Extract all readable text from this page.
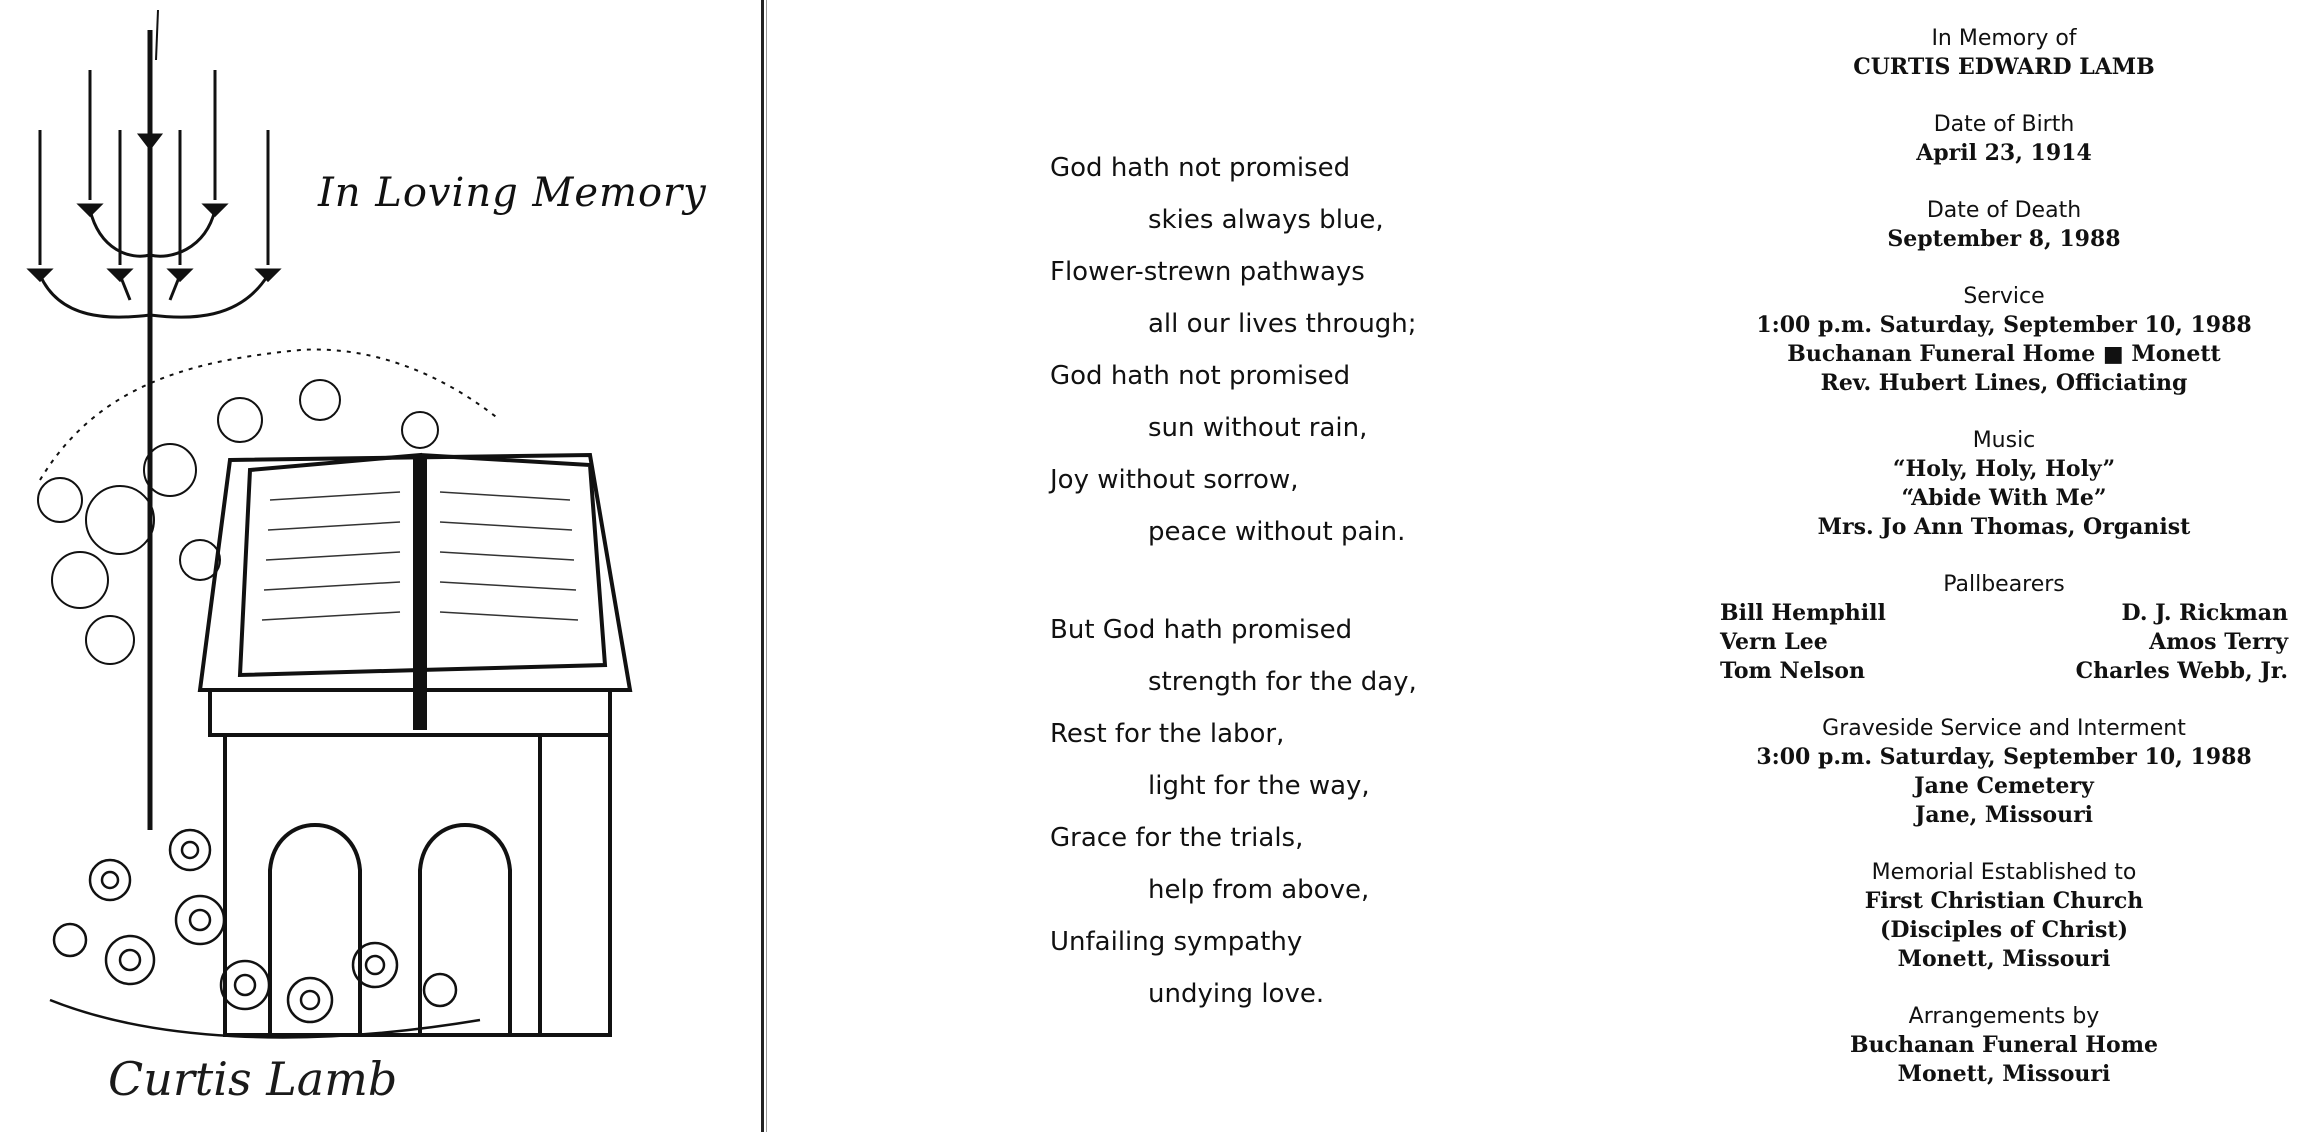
In Loving Memory
Curtis Lamb
God hath not promised
skies always blue,
Flower-strewn pathways
all our lives through;
God hath not promised
sun without rain,
Joy without sorrow,
peace without pain.
But God hath promised
strength for the day,
Rest for the labor,
light for the way,
Grace for the trials,
help from above,
Unfailing sympathy
undying love.
In Memory of
CURTIS EDWARD LAMB
Date of Birth
April 23, 1914
Date of Death
September 8, 1988
Service
1:00 p.m. Saturday, September 10, 1988
Buchanan Funeral Home ■ Monett
Rev. Hubert Lines, Officiating
Music
“Holy, Holy, Holy”
“Abide With Me”
Mrs. Jo Ann Thomas, Organist
Pallbearers
Bill Hemphill	D. J. Rickman
Vern Lee	Amos Terry
Tom Nelson	Charles Webb, Jr.
Graveside Service and Interment
3:00 p.m. Saturday, September 10, 1988
Jane Cemetery
Jane, Missouri
Memorial Established to
First Christian Church
(Disciples of Christ)
Monett, Missouri
Arrangements by
Buchanan Funeral Home
Monett, Missouri
